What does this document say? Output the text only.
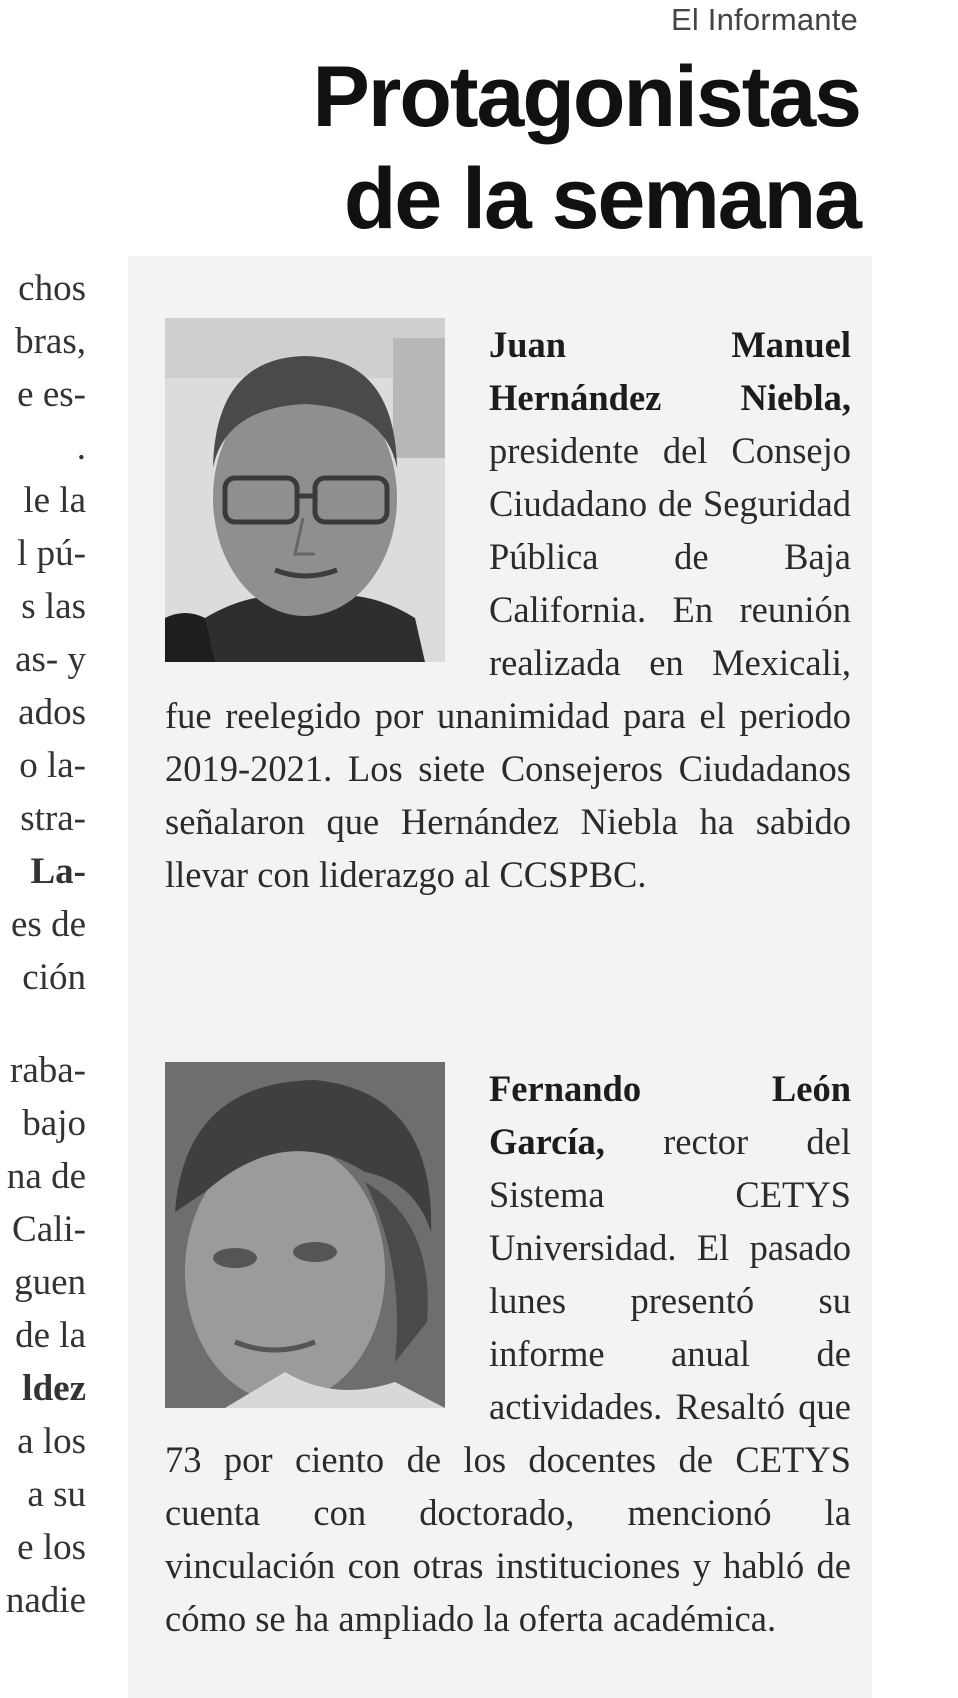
El Informante
Protagonistas
de la semana
chos
bras,
e es-
.
le la
l pú-
s las
as- y
ados
o la-
stra-
La-
es de
ción
raba-
bajo
na de
Cali-
guen
de la
ldez
a los
a su
e los
nadie
Juan Manuel Hernández Niebla, presidente del Consejo Ciudadano de Seguridad Pública de Baja California. En reunión realizada en Mexicali, fue reelegido por unanimidad para el periodo 2019-2021. Los siete Consejeros Ciudadanos señalaron que Hernández Niebla ha sabido llevar con liderazgo al CCSPBC.
Fernando León García, rector del Sistema CETYS Universidad. El pasado lunes presentó su informe anual de actividades. Resaltó que 73 por ciento de los docentes de CETYS cuenta con doctorado, mencionó la vinculación con otras instituciones y habló de cómo se ha ampliado la oferta académica.
